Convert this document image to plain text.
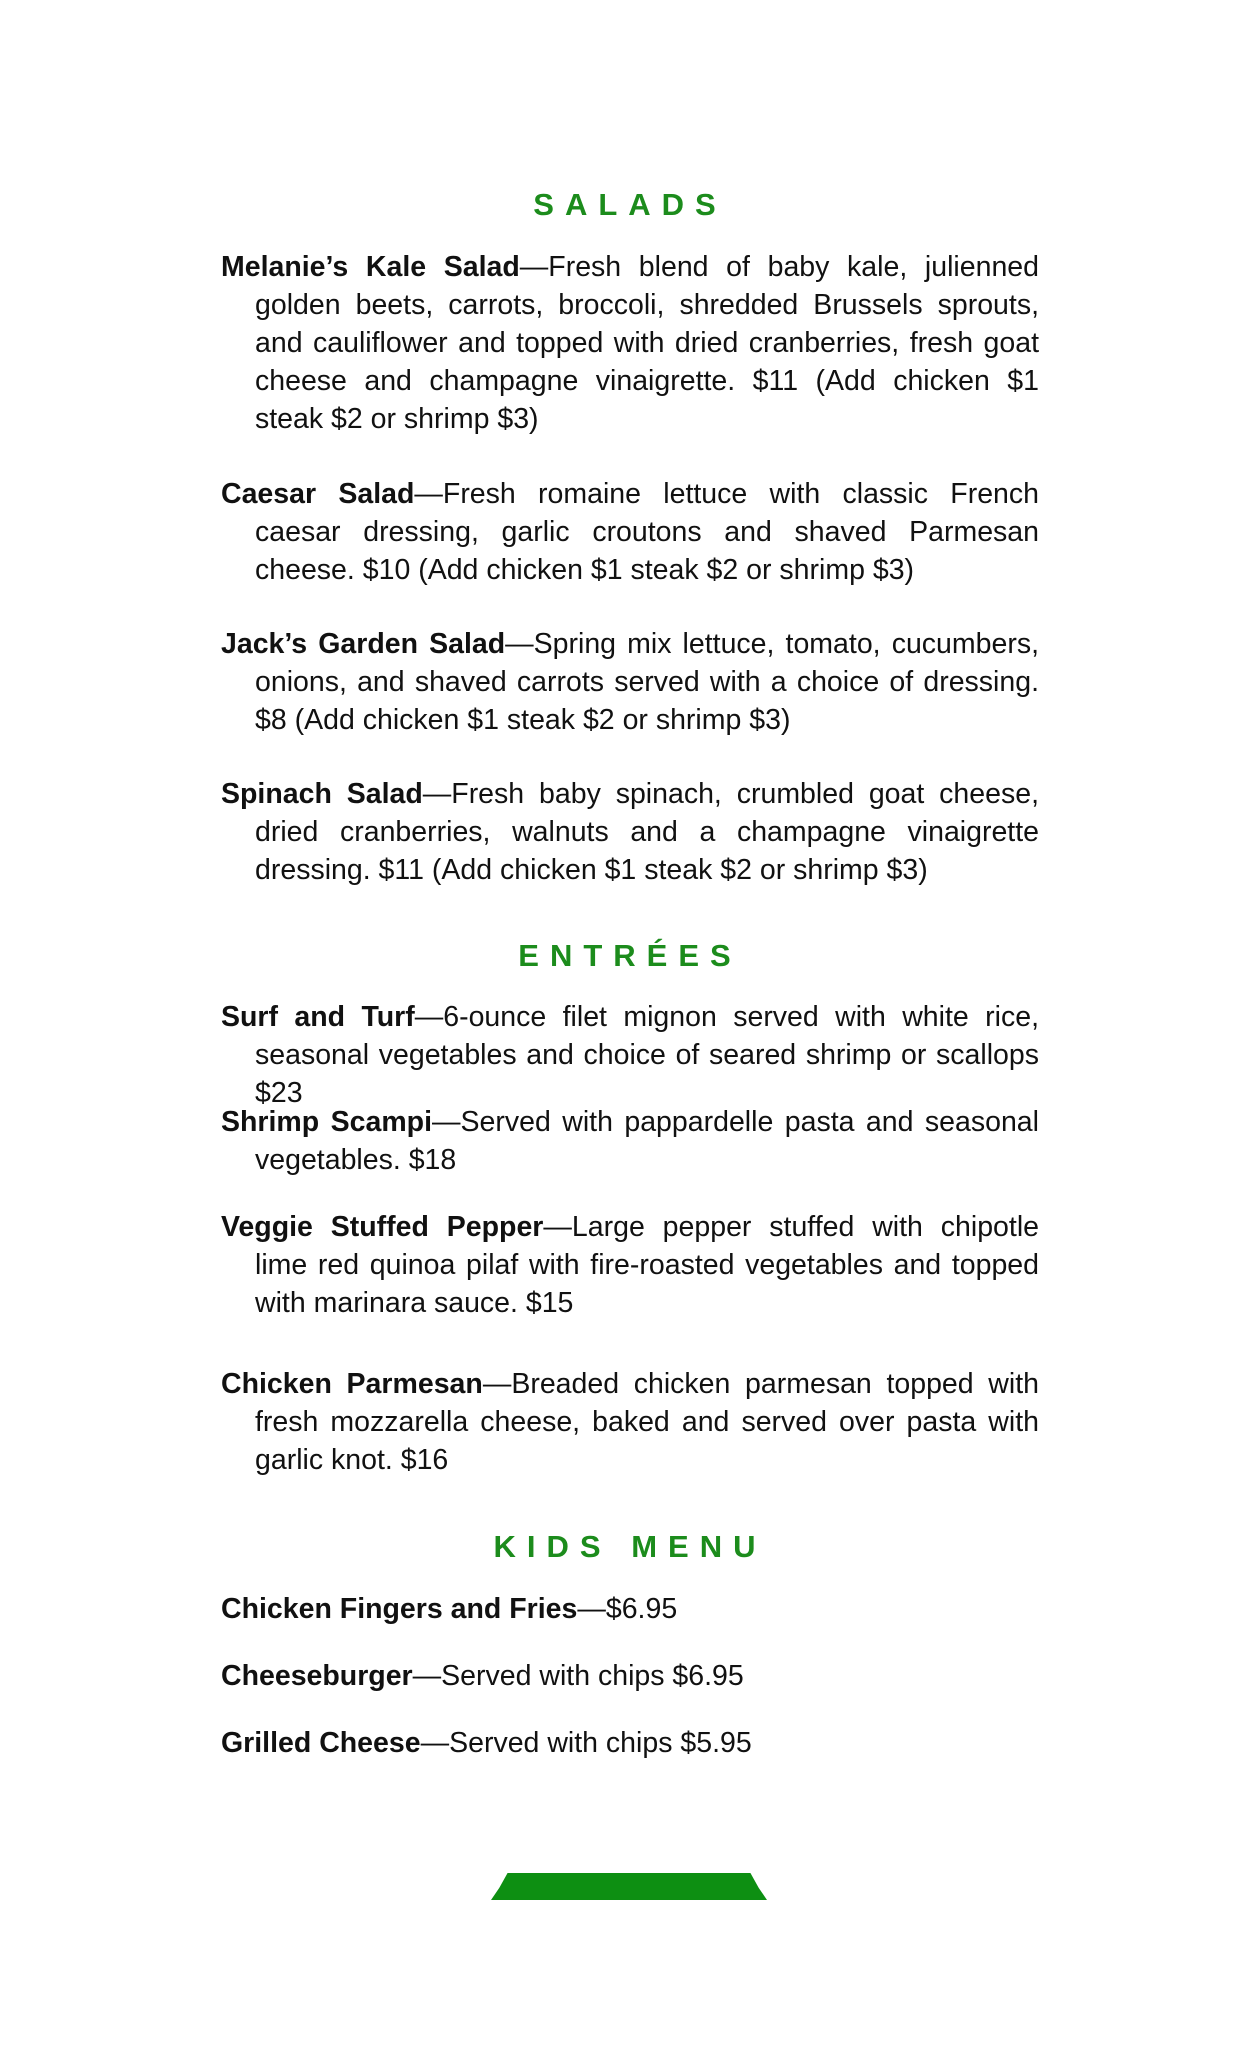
SALADS
Melanie’s Kale Salad—Fresh blend of baby kale, julienned golden beets, carrots, broccoli, shredded Brussels sprouts, and cauliflower and topped with dried cranberries, fresh goat cheese and champagne vinaigrette. $11 (Add chicken $1 steak $2 or shrimp $3)
Caesar Salad—Fresh romaine lettuce with classic French caesar dressing, garlic croutons and shaved Parmesan cheese. $10 (Add chicken $1 steak $2 or shrimp $3)
Jack’s Garden Salad—Spring mix lettuce, tomato, cucumbers, onions, and shaved carrots served with a choice of dressing. $8 (Add chicken $1 steak $2 or shrimp $3)
Spinach Salad—Fresh baby spinach, crumbled goat cheese, dried cranberries, walnuts and a champagne vinaigrette dressing. $11 (Add chicken $1 steak $2 or shrimp $3)
ENTRÉES
Surf and Turf—6-ounce filet mignon served with white rice, seasonal vegetables and choice of seared shrimp or scallops $23
Shrimp Scampi—Served with pappardelle pasta and seasonal vegetables. $18
Veggie Stuffed Pepper—Large pepper stuffed with chipotle lime red quinoa pilaf with fire-roasted vegetables and topped with marinara sauce. $15
Chicken Parmesan—Breaded chicken parmesan topped with fresh mozzarella cheese, baked and served over pasta with garlic knot. $16
KIDS MENU
Chicken Fingers and Fries—$6.95
Cheeseburger—Served with chips $6.95
Grilled Cheese—Served with chips $5.95
